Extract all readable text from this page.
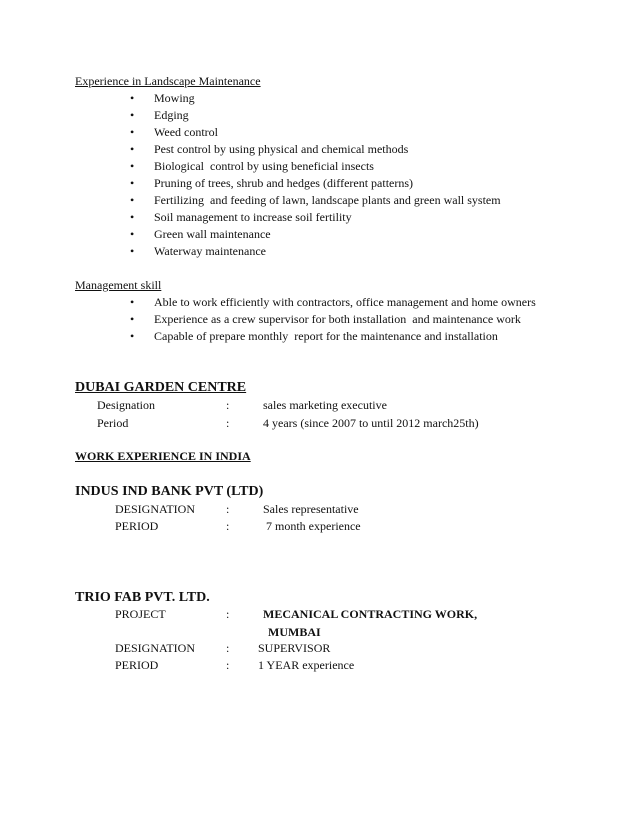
Experience in Landscape Maintenance
• Mowing
• Edging
• Weed control
• Pest control by using physical and chemical methods
• Biological  control by using beneficial insects
• Pruning of trees, shrub and hedges (different patterns)
• Fertilizing  and feeding of lawn, landscape plants and green wall system
• Soil management to increase soil fertility
• Green wall maintenance
• Waterway maintenance
Management skill
• Able to work efficiently with contractors, office management and home owners
• Experience as a crew supervisor for both installation  and maintenance work
• Capable of prepare monthly  report for the maintenance and installation
DUBAI GARDEN CENTRE
Designation	:	sales marketing executive
Period	:	4 years (since 2007 to until 2012 march25th)
WORK EXPERIENCE IN INDIA
INDUS IND BANK PVT (LTD)
DESIGNATION	:	Sales representative
PERIOD	:	7 month experience
TRIO FAB PVT. LTD.
PROJECT	:	MECANICAL CONTRACTING WORK,
MUMBAI
DESIGNATION	: SUPERVISOR
PERIOD	: 1 YEAR experience
